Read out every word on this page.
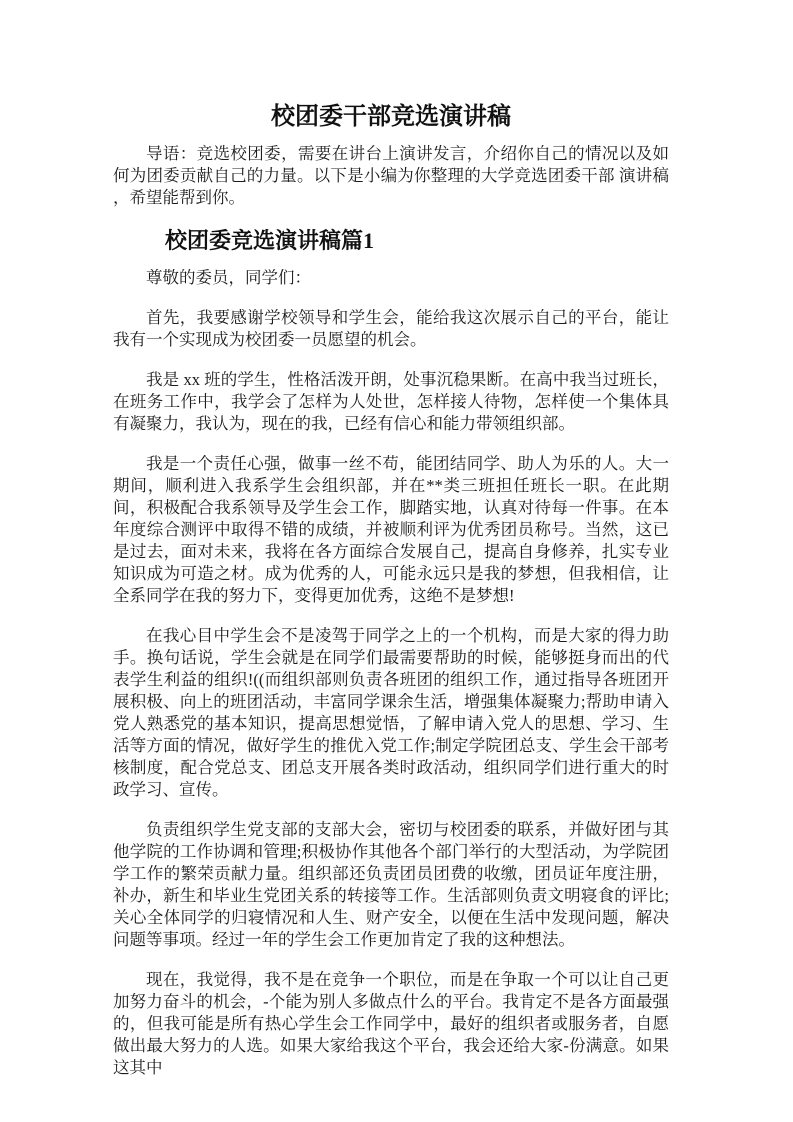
校团委干部竞选演讲稿

导语：竞选校团委，需要在讲台上演讲发言，介绍你自己的情况以及如何为团委贡献自己的力量。以下是小编为你整理的大学竞选团委干部 演讲稿 ，希望能帮到你。

校团委竞选演讲稿篇1

尊敬的委员，同学们：

首先，我要感谢学校领导和学生会，能给我这次展示自己的平台，能让我有一个实现成为校团委一员愿望的机会。

我是 xx 班的学生，性格活泼开朗，处事沉稳果断。在高中我当过班长，在班务工作中，我学会了怎样为人处世，怎样接人待物，怎样使一个集体具有凝聚力，我认为，现在的我，已经有信心和能力带领组织部。

我是一个责任心强，做事一丝不苟，能团结同学、助人为乐的人。大一期间，顺利进入我系学生会组织部，并在**类三班担任班长一职。在此期间，积极配合我系领导及学生会工作，脚踏实地，认真对待每一件事。在本年度综合测评中取得不错的成绩，并被顺利评为优秀团员称号。当然，这已是过去，面对未来，我将在各方面综合发展自己，提高自身修养，扎实专业知识成为可造之材。成为优秀的人，可能永远只是我的梦想，但我相信，让全系同学在我的努力下，变得更加优秀，这绝不是梦想!

在我心目中学生会不是凌驾于同学之上的一个机构，而是大家的得力助手。换句话说，学生会就是在同学们最需要帮助的时候，能够挺身而出的代表学生利益的组织!((而组织部则负责各班团的组织工作，通过指导各班团开展积极、向上的班团活动，丰富同学课余生活，增强集体凝聚力;帮助申请入党人熟悉党的基本知识，提高思想觉悟，了解申请入党人的思想、学习、生活等方面的情况，做好学生的推优入党工作;制定学院团总支、学生会干部考核制度，配合党总支、团总支开展各类时政活动，组织同学们进行重大的时政学习、宣传。

负责组织学生党支部的支部大会，密切与校团委的联系，并做好团与其他学院的工作协调和管理;积极协作其他各个部门举行的大型活动，为学院团学工作的繁荣贡献力量。组织部还负责团员团费的收缴，团员证年度注册，补办，新生和毕业生党团关系的转接等工作。生活部则负责文明寝食的评比;关心全体同学的归寝情况和人生、财产安全，以便在生活中发现问题，解决问题等事项。经过一年的学生会工作更加肯定了我的这种想法。

现在，我觉得，我不是在竞争一个职位，而是在争取一个可以让自己更加努力奋斗的机会，-个能为别人多做点什么的平台。我肯定不是各方面最强的，但我可能是所有热心学生会工作同学中，最好的组织者或服务者，自愿做出最大努力的人选。如果大家给我这个平台，我会还给大家-份满意。如果这其中
